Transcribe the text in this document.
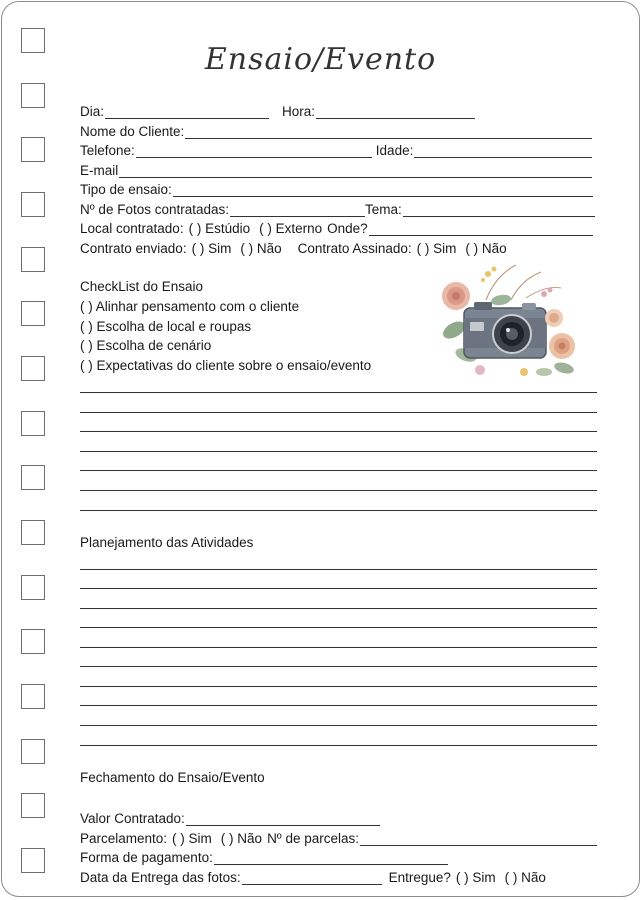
Ensaio/Evento
Dia:	Hora:
Nome do Cliente:
Telefone:	Idade:
E-mail
Tipo de ensaio:
Nº de Fotos contratadas:	Tema:
Local contratado: ( ) Estúdio ( ) Externo Onde?
Contrato enviado: ( ) Sim ( ) Não Contrato Assinado: ( ) Sim ( ) Não
CheckList do Ensaio
( ) Alinhar pensamento com o cliente
( ) Escolha de local e roupas
( ) Escolha de cenário
( ) Expectativas do cliente sobre o ensaio/evento
Planejamento das Atividades
Fechamento do Ensaio/Evento
Valor Contratado:
Parcelamento: ( ) Sim ( ) Não Nº de parcelas:
Forma de pagamento:
Data da Entrega das fotos:	Entregue? ( ) Sim ( ) Não
